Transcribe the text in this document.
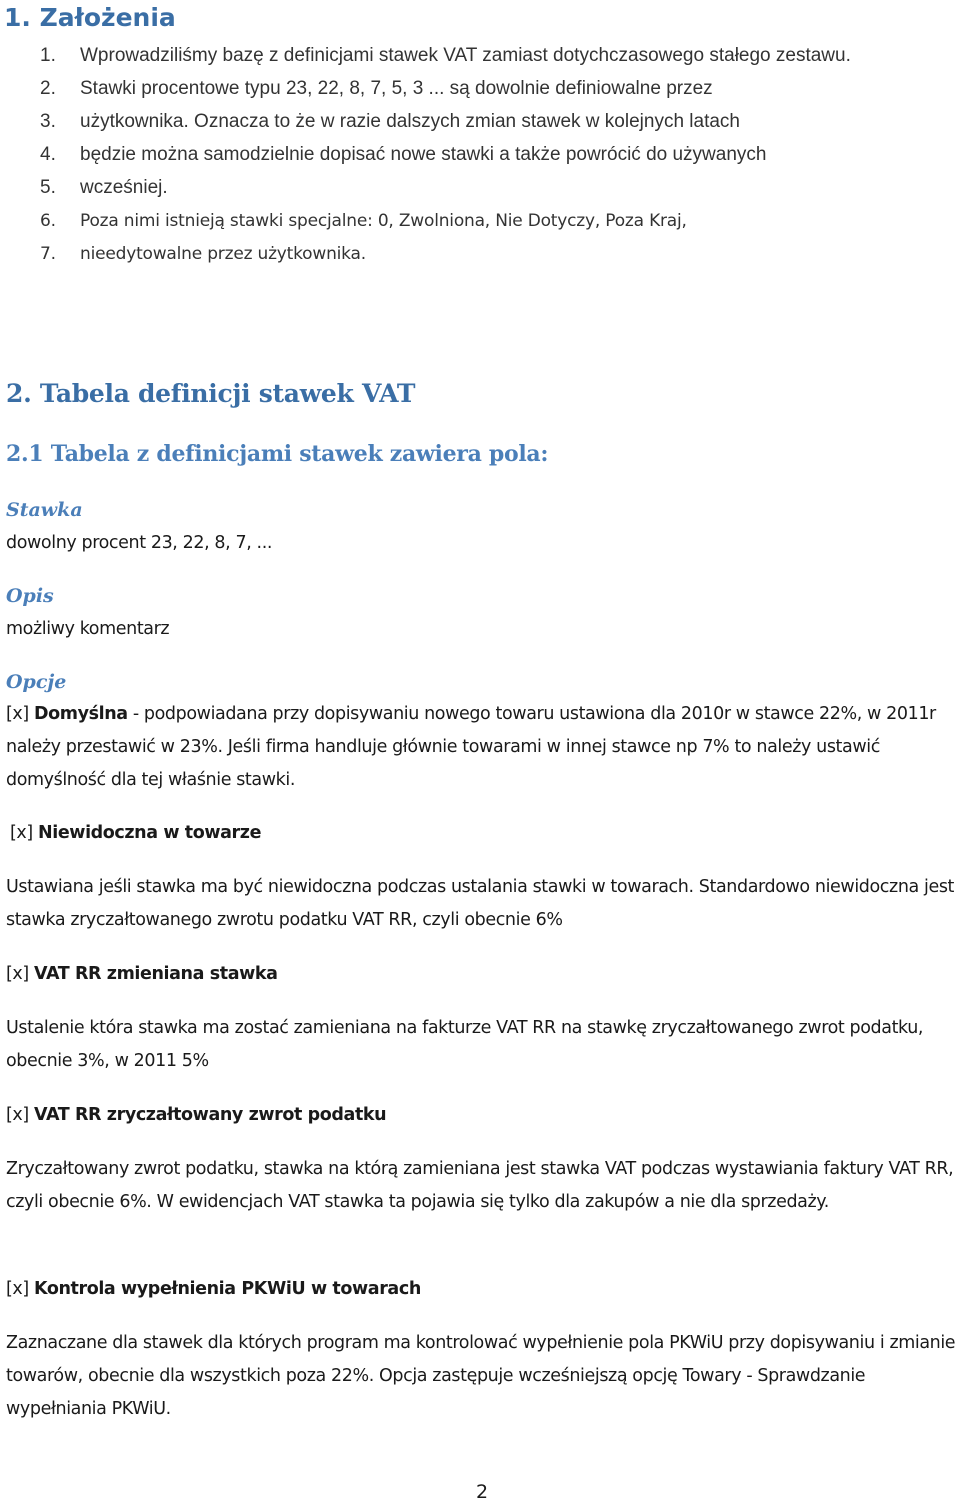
1. Założenia
1. Wprowadziliśmy bazę z definicjami stawek VAT zamiast dotychczasowego stałego zestawu.
2. Stawki procentowe typu 23, 22, 8, 7, 5, 3 ... są dowolnie definiowalne przez
3. użytkownika. Oznacza to że w razie dalszych zmian stawek w kolejnych latach
4. będzie można samodzielnie dopisać nowe stawki a także powrócić do używanych
5. wcześniej.
6. Poza nimi istnieją stawki specjalne: 0, Zwolniona, Nie Dotyczy, Poza Kraj,
7. nieedytowalne przez użytkownika.
2. Tabela definicji stawek VAT
2.1 Tabela z definicjami stawek zawiera pola:
Stawka
dowolny procent 23, 22, 8, 7, ...
Opis
możliwy komentarz
Opcje
[x] Domyślna - podpowiadana przy dopisywaniu nowego towaru ustawiona dla 2010r w stawce 22%, w 2011r należy przestawić w 23%. Jeśli firma handluje głównie towarami w innej stawce np 7% to należy ustawić domyślność dla tej właśnie stawki.
[x] Niewidoczna w towarze
Ustawiana jeśli stawka ma być niewidoczna podczas ustalania stawki w towarach. Standardowo niewidoczna jest stawka zryczałtowanego zwrotu podatku VAT RR, czyli obecnie 6%
[x] VAT RR zmieniana stawka
Ustalenie która stawka ma zostać zamieniana na fakturze VAT RR na stawkę zryczałtowanego zwrot podatku, obecnie 3%, w 2011 5%
[x] VAT RR zryczałtowany zwrot podatku
Zryczałtowany zwrot podatku, stawka na którą zamieniana jest stawka VAT podczas wystawiania faktury VAT RR, czyli obecnie 6%. W ewidencjach VAT stawka ta pojawia się tylko dla zakupów a nie dla sprzedaży.
[x] Kontrola wypełnienia PKWiU w towarach
Zaznaczane dla stawek dla których program ma kontrolować wypełnienie pola PKWiU przy dopisywaniu i zmianie towarów, obecnie dla wszystkich poza 22%. Opcja zastępuje wcześniejszą opcję Towary - Sprawdzanie wypełniania PKWiU.
2
